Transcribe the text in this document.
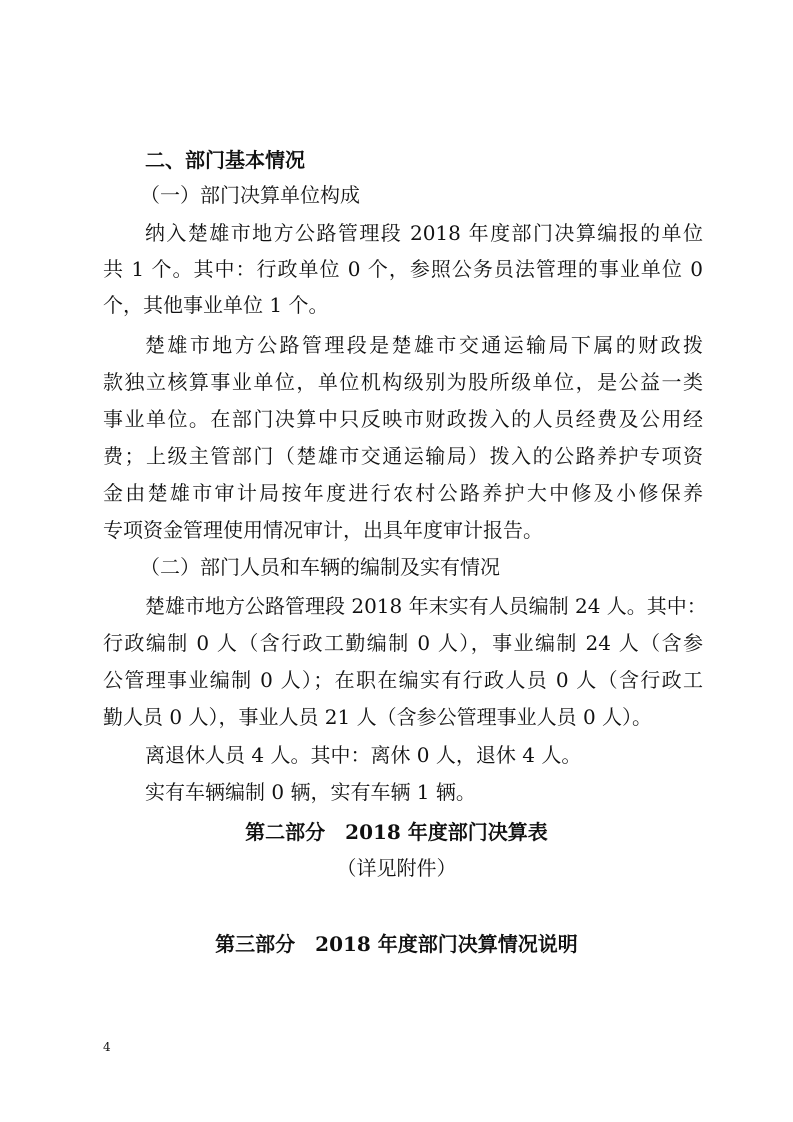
二、部门基本情况
（一）部门决算单位构成
纳入楚雄市地方公路管理段 2018 年度部门决算编报的单位
共 1 个。其中：行政单位 0 个，参照公务员法管理的事业单位 0
个，其他事业单位 1 个。
楚雄市地方公路管理段是楚雄市交通运输局下属的财政拨
款独立核算事业单位，单位机构级别为股所级单位，是公益一类
事业单位。在部门决算中只反映市财政拨入的人员经费及公用经
费；上级主管部门（楚雄市交通运输局）拨入的公路养护专项资
金由楚雄市审计局按年度进行农村公路养护大中修及小修保养
专项资金管理使用情况审计，出具年度审计报告。
（二）部门人员和车辆的编制及实有情况
楚雄市地方公路管理段 2018 年末实有人员编制 24 人。其中：
行政编制 0 人（含行政工勤编制 0 人），事业编制 24 人（含参
公管理事业编制 0 人）；在职在编实有行政人员 0 人（含行政工
勤人员 0 人），事业人员 21 人（含参公管理事业人员 0 人）。
离退休人员 4 人。其中：离休 0 人，退休 4 人。
实有车辆编制 0 辆，实有车辆 1 辆。
第二部分　2018 年度部门决算表
（详见附件）
第三部分　2018 年度部门决算情况说明
4
